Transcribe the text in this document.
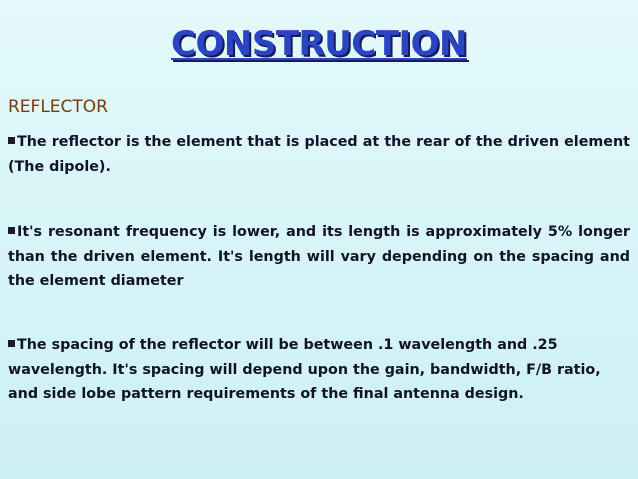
CONSTRUCTION
REFLECTOR

The reflector is the element that is placed at the rear of the driven element (The dipole).

It's resonant frequency is lower, and its length is approximately 5% longer than the driven element. It's length will vary depending on the spacing and the element diameter

The spacing of the reflector will be between .1 wavelength and .25 wavelength. It's spacing will depend upon the gain, bandwidth, F/B ratio, and side lobe pattern requirements of the final antenna design.
